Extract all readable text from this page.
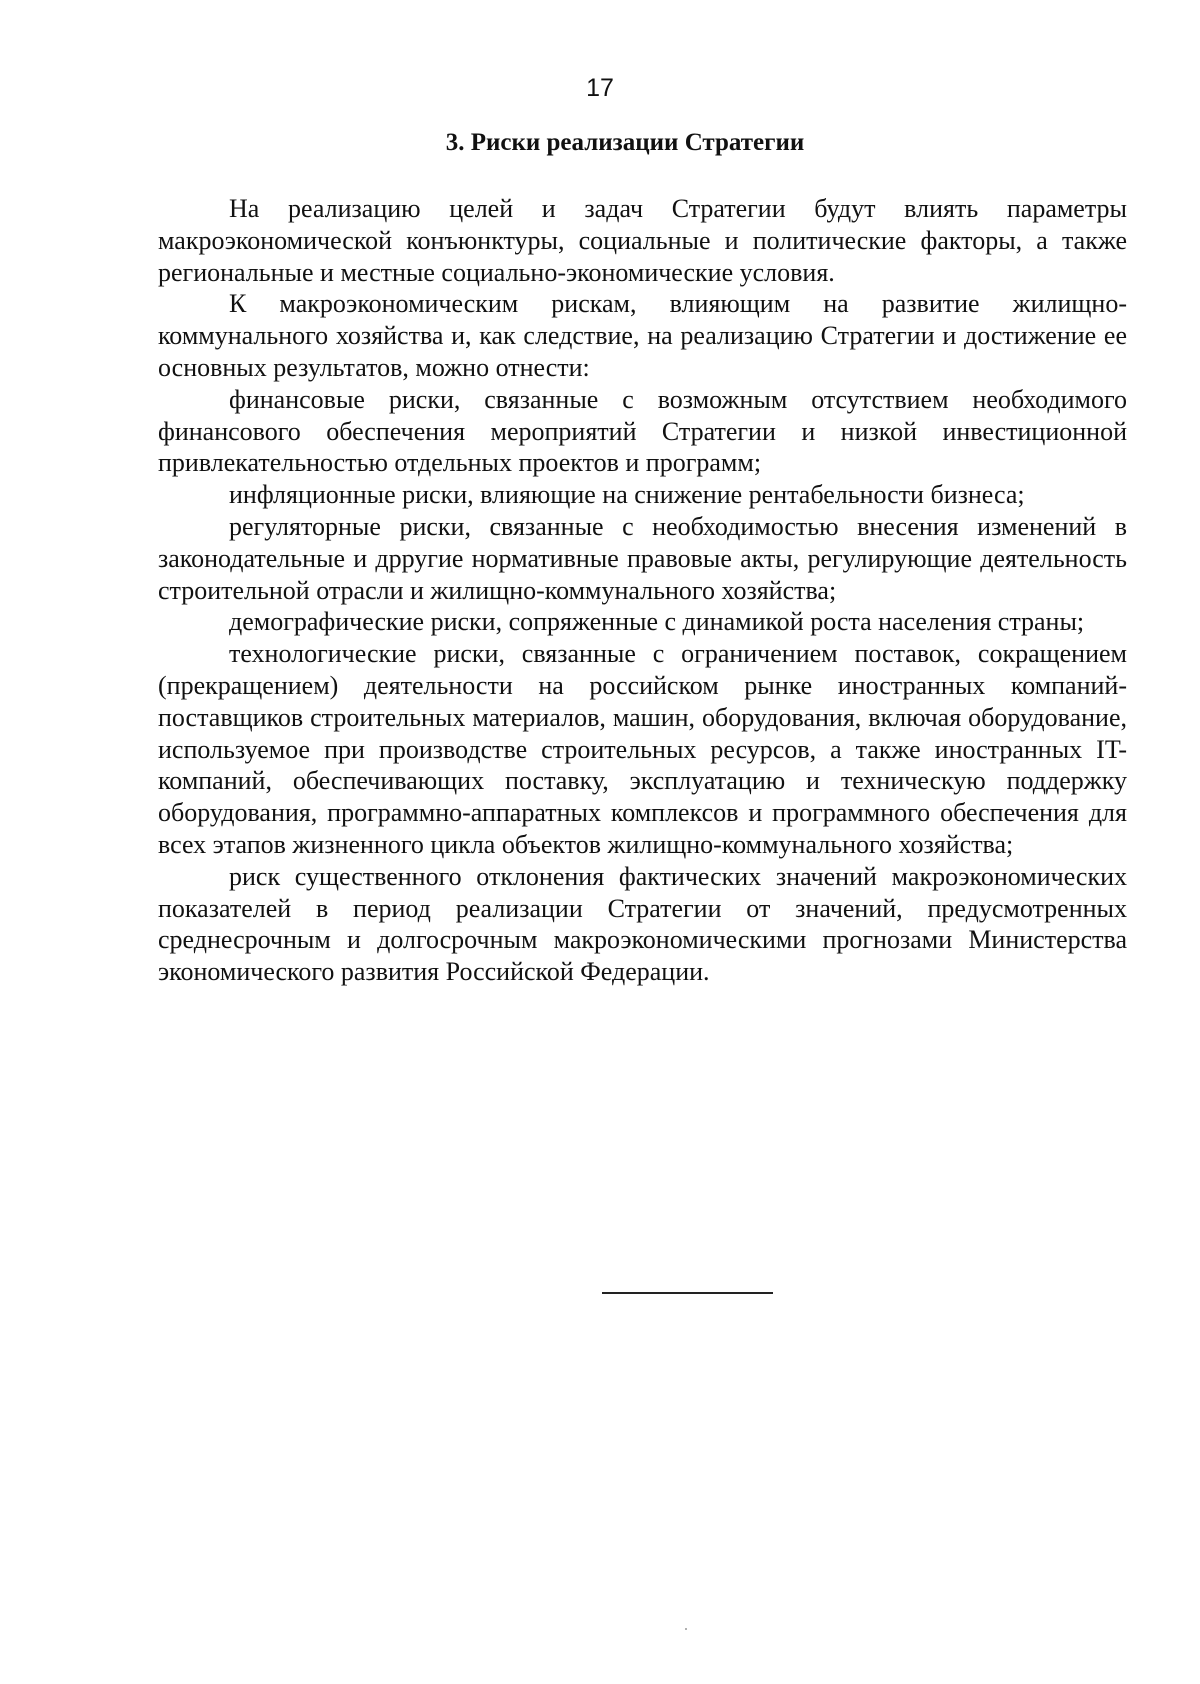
17
3. Риски реализации Стратегии

На реализацию целей и задач Стратегии будут влиять параметры макроэкономической конъюнктуры, социальные и политические факторы, а также региональные и местные социально-экономические условия.

К макроэкономическим рискам, влияющим на развитие жилищно-коммунального хозяйства и, как следствие, на реализацию Стратегии и достижение ее основных результатов, можно отнести:

финансовые риски, связанные с возможным отсутствием необходимого финансового обеспечения мероприятий Стратегии и низкой инвестиционной привлекательностью отдельных проектов и программ;

инфляционные риски, влияющие на снижение рентабельности бизнеса;

регуляторные риски, связанные с необходимостью внесения изменений в законодательные и дрругие нормативные правовые акты, регулирующие деятельность строительной отрасли и жилищно-коммунального хозяйства;

демографические риски, сопряженные с динамикой роста населения страны;

технологические риски, связанные с ограничением поставок, сокращением (прекращением) деятельности на российском рынке иностранных компаний-поставщиков строительных материалов, машин, оборудования, включая оборудование, используемое при производстве строительных ресурсов, а также иностранных IT-компаний, обеспечивающих поставку, эксплуатацию и техническую поддержку оборудования, программно-аппаратных комплексов и программного обеспечения для всех этапов жизненного цикла объектов жилищно-коммунального хозяйства;

риск существенного отклонения фактических значений макроэкономических показателей в период реализации Стратегии от значений, предусмотренных среднесрочным и долгосрочным макроэкономическими прогнозами Министерства экономического развития Российской Федерации.
